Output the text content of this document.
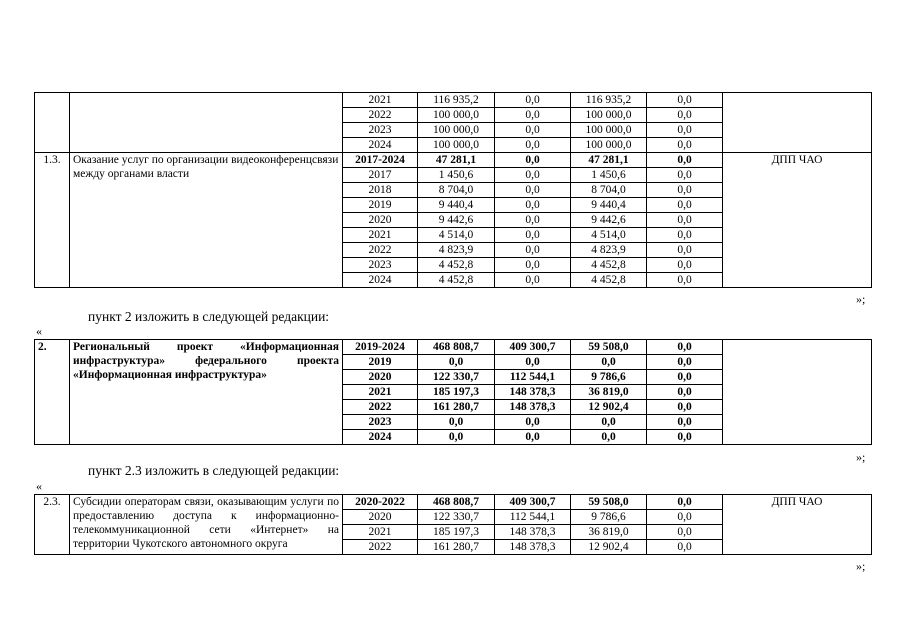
		2021	116 935,2	0,0	116 935,2	0,0	
		2022	100 000,0	0,0	100 000,0	0,0	
		2023	100 000,0	0,0	100 000,0	0,0	
		2024	100 000,0	0,0	100 000,0	0,0	
1.3.	Оказание услуг по организации видеоконференцсвязи между органами власти	2017-2024	47 281,1	0,0	47 281,1	0,0	ДПП ЧАО
		2017	1 450,6	0,0	1 450,6	0,0	
		2018	8 704,0	0,0	8 704,0	0,0	
		2019	9 440,4	0,0	9 440,4	0,0	
		2020	9 442,6	0,0	9 442,6	0,0	
		2021	4 514,0	0,0	4 514,0	0,0	
		2022	4 823,9	0,0	4 823,9	0,0	
		2023	4 452,8	0,0	4 452,8	0,0	
		2024	4 452,8	0,0	4 452,8	0,0	
»;
пункт 2 изложить в следующей редакции:
«
2.	Региональный проект «Информационная инфраструктура» федерального проекта «Информационная инфраструктура»	2019-2024	468 808,7	409 300,7	59 508,0	0,0	
		2019	0,0	0,0	0,0	0,0	
		2020	122 330,7	112 544,1	9 786,6	0,0	
		2021	185 197,3	148 378,3	36 819,0	0,0	
		2022	161 280,7	148 378,3	12 902,4	0,0	
		2023	0,0	0,0	0,0	0,0	
		2024	0,0	0,0	0,0	0,0	
»;
пункт 2.3 изложить в следующей редакции:
«
2.3.	Субсидии операторам связи, оказывающим услуги по предоставлению доступа к информационно-телекоммуникационной сети «Интернет» на территории Чукотского автономного округа	2020-2022	468 808,7	409 300,7	59 508,0	0,0	ДПП ЧАО
		2020	122 330,7	112 544,1	9 786,6	0,0	
		2021	185 197,3	148 378,3	36 819,0	0,0	
		2022	161 280,7	148 378,3	12 902,4	0,0	
»;
